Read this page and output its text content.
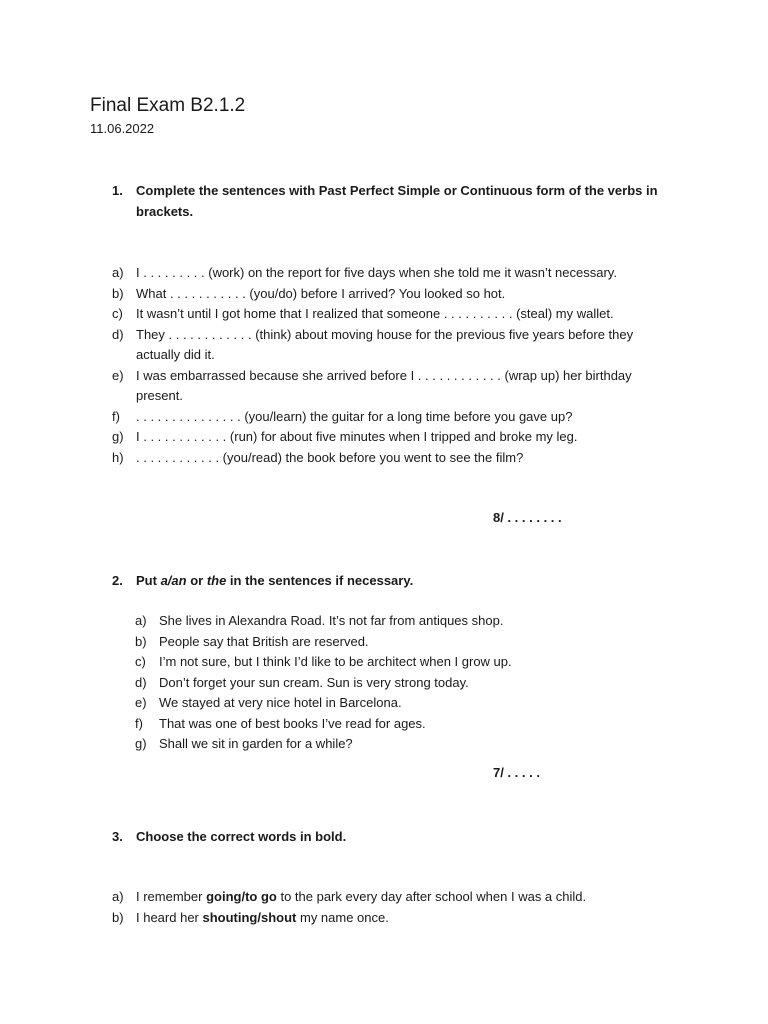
Final Exam B2.1.2
11.06.2022
1. Complete the sentences with Past Perfect Simple or Continuous form of the verbs in brackets.
a) I . . . . . . . . . (work) on the report for five days when she told me it wasn’t necessary.
b) What . . . . . . . . . . . (you/do) before I arrived? You looked so hot.
c) It wasn’t until I got home that I realized that someone . . . . . . . . . . (steal) my wallet.
d) They . . . . . . . . . . . . (think) about moving house for the previous five years before they actually did it.
e) I was embarrassed because she arrived before I . . . . . . . . . . . . (wrap up) her birthday present.
f) . . . . . . . . . . . . . . . (you/learn) the guitar for a long time before you gave up?
g) I . . . . . . . . . . . . (run) for about five minutes when I tripped and broke my leg.
h) . . . . . . . . . . . . (you/read) the book before you went to see the film?
8/ . . . . . . . .
2. Put a/an or the in the sentences if necessary.
a) She lives in Alexandra Road. It’s not far from antiques shop.
b) People say that British are reserved.
c) I’m not sure, but I think I’d like to be architect when I grow up.
d) Don’t forget your sun cream. Sun is very strong today.
e) We stayed at very nice hotel in Barcelona.
f) That was one of best books I’ve read for ages.
g) Shall we sit in garden for a while?
7/ . . . . .
3. Choose the correct words in bold.
a) I remember going/to go to the park every day after school when I was a child.
b) I heard her shouting/shout my name once.
